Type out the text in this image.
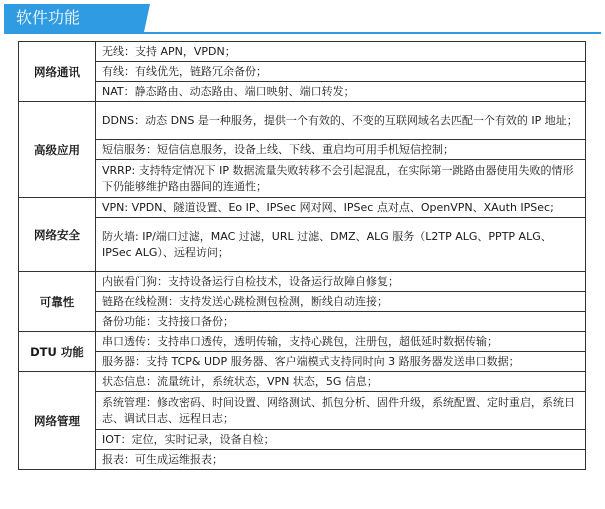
软件功能
网络通讯	无线：支持 APN，VPDN；
	有线：有线优先，链路冗余备份；
	NAT：静态路由、动态路由、端口映射、端口转发；
高级应用	DDNS：动态 DNS 是一种服务，提供一个有效的、不变的互联网域名去匹配一个有效的 IP 地址；
	短信服务：短信信息服务，设备上线、下线、重启均可用手机短信控制；
	VRRP: 支持特定情况下 IP 数据流量失败转移不会引起混乱，在实际第一跳路由器使用失败的情形下仍能够维护路由器间的连通性；
网络安全	VPN: VPDN、隧道设置、Eo IP、IPSec 网对网、IPSec 点对点、OpenVPN、XAuth IPSec;
	防火墙: IP/端口过滤，MAC 过滤，URL 过滤、DMZ、ALG 服务（L2TP ALG、PPTP ALG、IPSec ALG）、远程访问；
可靠性	内嵌看门狗：支持设备运行自检技术，设备运行故障自修复；
	链路在线检测：支持发送心跳检测包检测，断线自动连接；
	备份功能：支持接口备份；
DTU 功能	串口透传：支持串口透传，透明传输，支持心跳包，注册包，超低延时数据传输；
	服务器：支持 TCP& UDP 服务器、客户端模式支持同时向 3 路服务器发送串口数据；
网络管理	状态信息：流量统计，系统状态，VPN 状态，5G 信息；
	系统管理：修改密码、时间设置、网络测试、抓包分析、固件升级，系统配置、定时重启，系统日志、调试日志、远程日志；
	IOT：定位，实时记录，设备自检；
	报表：可生成运维报表；
